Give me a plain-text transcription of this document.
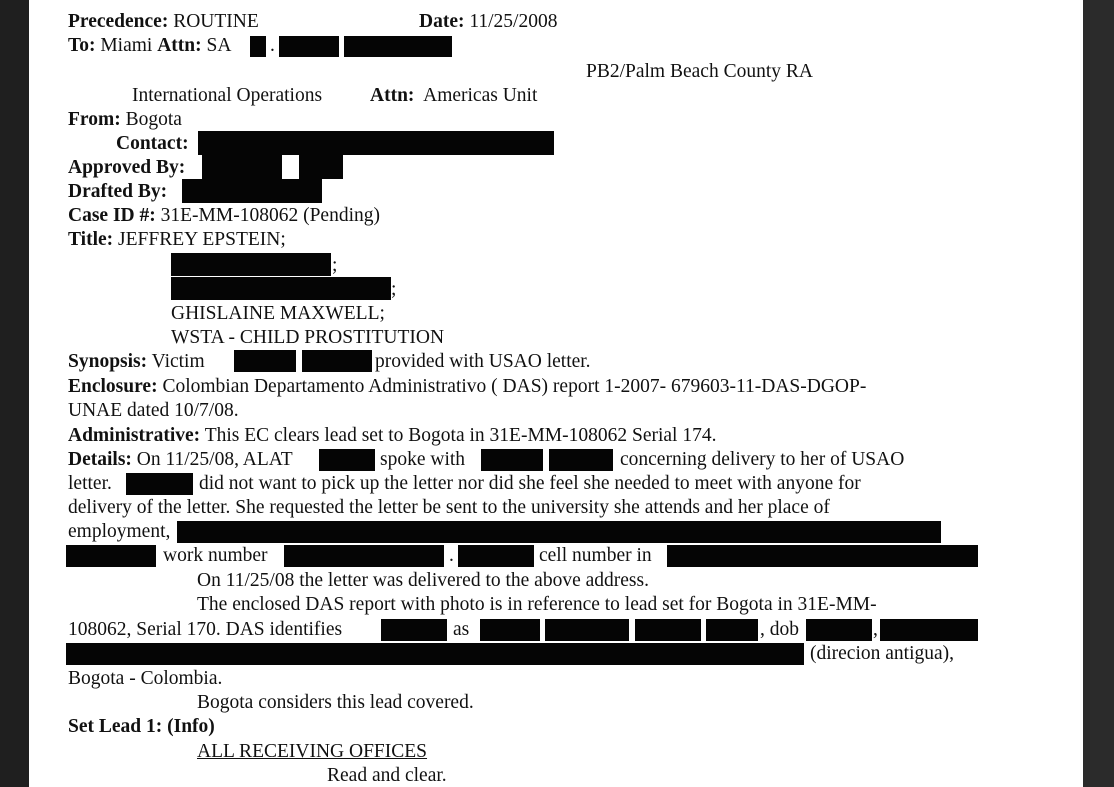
Precedence: ROUTINE	Date: 11/25/2008
To: Miami Attn: SA .
PB2/Palm Beach County RA
International Operations Attn: Americas Unit
From: Bogota
Contact:
Approved By:
Drafted By:
Case ID #: 31E-MM-108062 (Pending)
Title: JEFFREY EPSTEIN;
;
;
GHISLAINE MAXWELL;
WSTA - CHILD PROSTITUTION
Synopsis: Victim	provided with USAO letter.
Enclosure: Colombian Departamento Administrativo ( DAS) report 1-2007- 679603-11-DAS-DGOP-
UNAE dated 10/7/08.
Administrative: This EC clears lead set to Bogota in 31E-MM-108062 Serial 174.
Details: On 11/25/08, ALAT	spoke with	concerning delivery to her of USAO
letter.	did not want to pick up the letter nor did she feel she needed to meet with anyone for
delivery of the letter. She requested the letter be sent to the university she attends and her place of
employment,
work number	.	cell number in
On 11/25/08 the letter was delivered to the above address.
The enclosed DAS report with photo is in reference to lead set for Bogota in 31E-MM-
108062, Serial 170. DAS identifies	as	, dob	,
(direcion antigua),
Bogota - Colombia.
Bogota considers this lead covered.
Set Lead 1: (Info)
ALL RECEIVING OFFICES
Read and clear.
